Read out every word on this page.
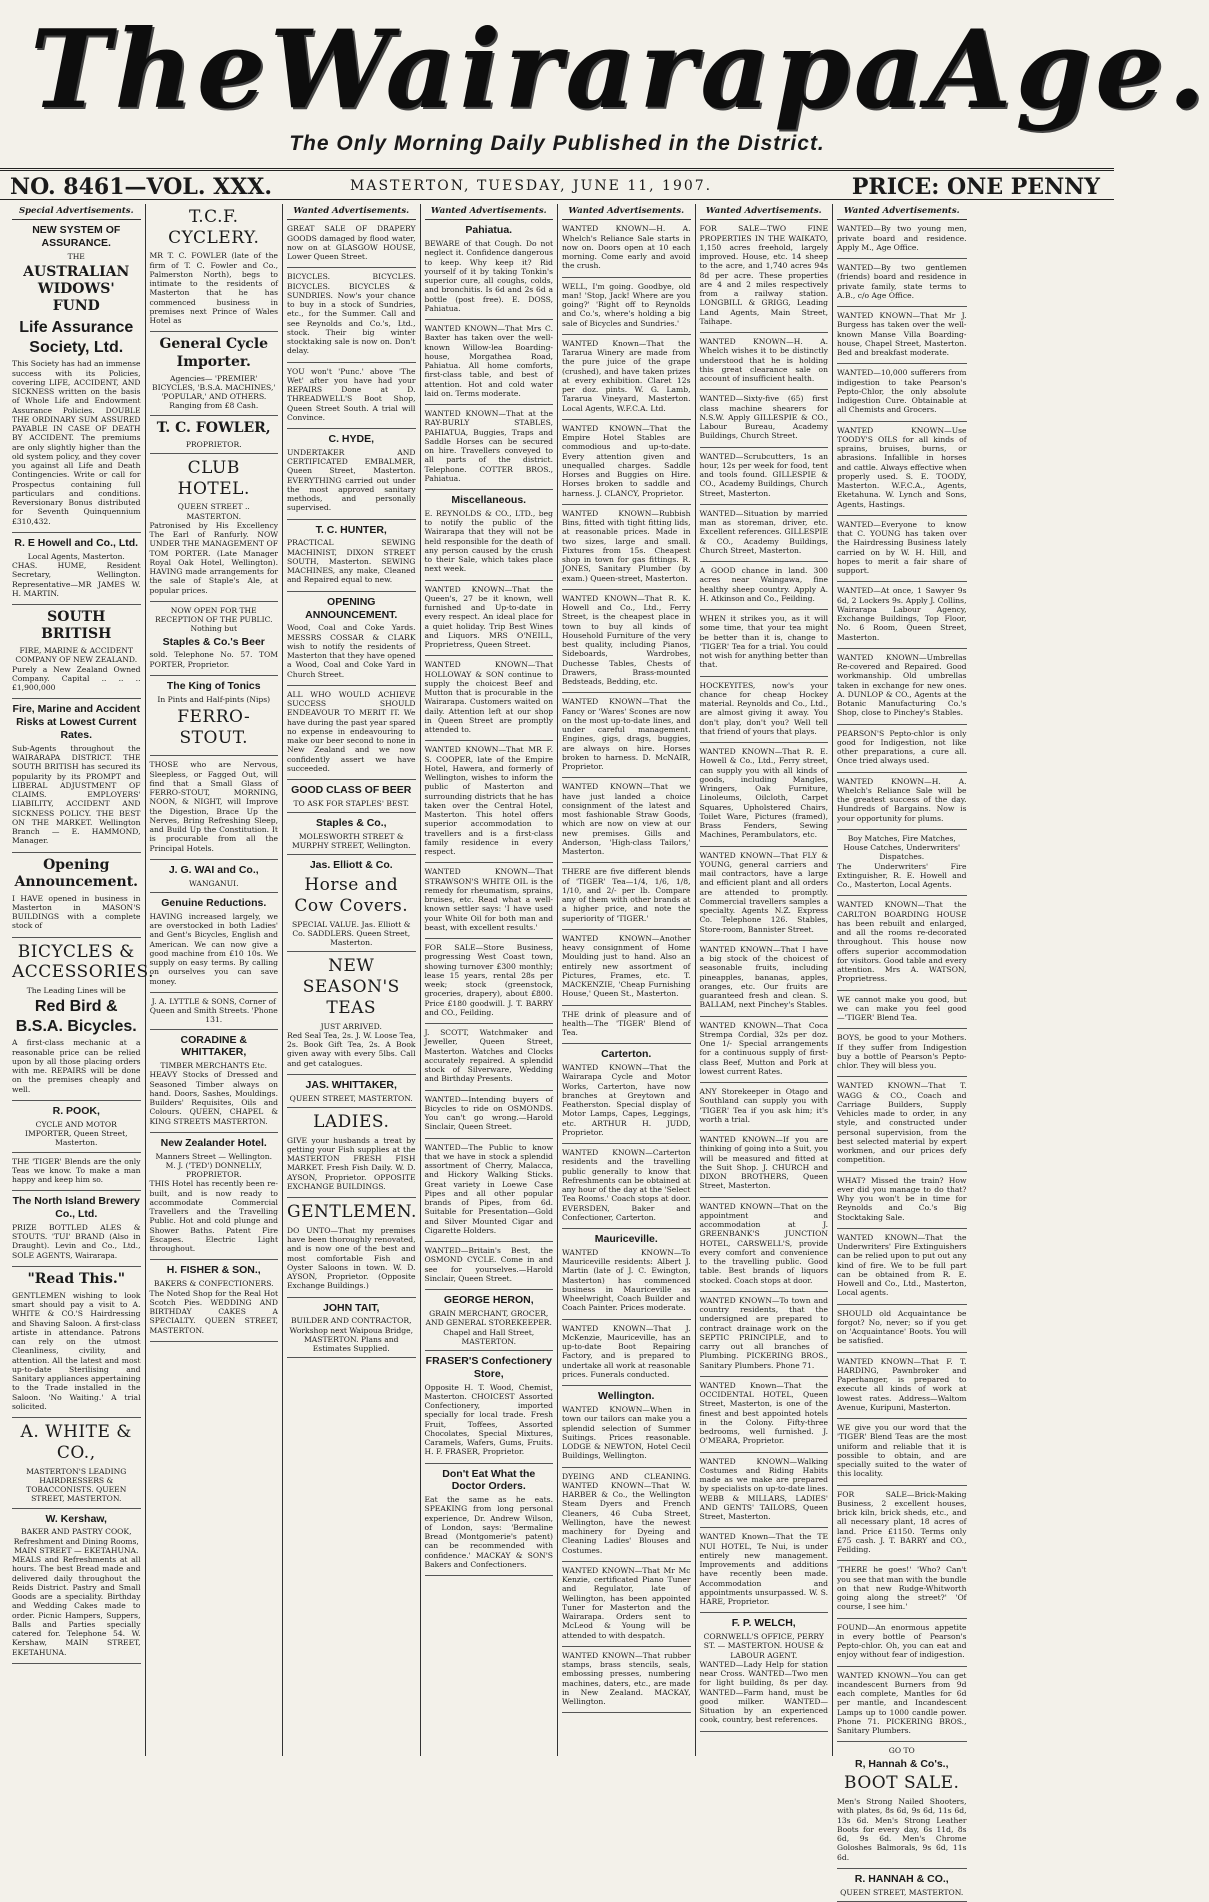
The Wairarapa Age.
The Only Morning Daily Published in the District.
NO. 8461—VOL. XXX.	MASTERTON, TUESDAY, JUNE 11, 1907.	PRICE: ONE PENNY
Special Advertisements.
NEW SYSTEM OF ASSURANCE.
THE
AUSTRALIAN WIDOWS' FUND
Life Assurance Society, Ltd.

This Society has had an immense success with its Policies, covering LIFE, ACCIDENT, AND SICKNESS written on the basis of Whole Life and Endowment Assurance Policies. DOUBLE THE ORDINARY SUM ASSURED PAYABLE IN CASE OF DEATH BY ACCIDENT. The premiums are only slightly higher than the old system policy, and they cover you against all Life and Death Contingencies. Write or call for Prospectus containing full particulars and conditions. Reversionary Bonus distributed for Seventh Quinquennium £310,432.

R. E Howell and Co., Ltd.
Local Agents, Masterton.

CHAS. HUME, Resident Secretary, Wellington. Representative—MR JAMES W. H. MARTIN.

SOUTH BRITISH
FIRE, MARINE & ACCIDENT COMPANY OF NEW ZEALAND.

Purely a New Zealand Owned Company. Capital .. .. .. £1,900,000

Fire, Marine and Accident Risks at Lowest Current Rates.

Sub-Agents throughout the WAIRARAPA DISTRICT. THE SOUTH BRITISH has secured its popularity by its PROMPT and LIBERAL ADJUSTMENT OF CLAIMS. EMPLOYERS' LIABILITY, ACCIDENT AND SICKNESS POLICY. THE BEST ON THE MARKET. Wellington Branch — E. HAMMOND, Manager.

Opening Announcement.

I HAVE opened in business in Masterton in MASON'S BUILDINGS with a complete stock of

BICYCLES & ACCESSORIES.
The Leading Lines will be
Red Bird & B.S.A. Bicycles.

A first-class mechanic at a reasonable price can be relied upon by all those placing orders with me. REPAIRS will be done on the premises cheaply and well.

R. POOK,
CYCLE AND MOTOR IMPORTER, Queen Street, Masterton.

THE 'TIGER' Blends are the only Teas we know. To make a man happy and keep him so.

The North Island Brewery Co., Ltd.

PRIZE BOTTLED ALES & STOUTS. 'TUI' BRAND (Also in Draught). Levin and Co., Ltd., SOLE AGENTS, Wairarapa.

"Read This."

GENTLEMEN wishing to look smart should pay a visit to A. WHITE & CO.'S Hairdressing and Shaving Saloon. A first-class artiste in attendance. Patrons can rely on the utmost Cleanliness, civility, and attention. All the latest and most up-to-date Sterilising and Sanitary appliances appertaining to the Trade installed in the Saloon. 'No Waiting.' A trial solicited.

A. WHITE & CO.,
MASTERTON'S LEADING HAIRDRESSERS & TOBACCONISTS. QUEEN STREET, MASTERTON.
W. Kershaw,
BAKER AND PASTRY COOK, Refreshment and Dining Rooms, MAIN STREET — EKETAHUNA.

MEALS and Refreshments at all hours. The best Bread made and delivered daily throughout the Reids District. Pastry and Small Goods are a speciality. Birthday and Wedding Cakes made to order. Picnic Hampers, Suppers, Balls and Parties specially catered for. Telephone 54. W. Kershaw, MAIN STREET, EKETAHUNA.

T.C.F. CYCLERY.

MR T. C. FOWLER (late of the firm of T. C. Fowler and Co., Palmerston North), begs to intimate to the residents of Masterton that he has commenced business in premises next Prince of Wales Hotel as

General Cycle Importer.
Agencies— 'PREMIER' BICYCLES, 'B.S.A. MACHINES,' 'POPULAR,' AND OTHERS. Ranging from £8 Cash.
T. C. FOWLER,
PROPRIETOR.
CLUB HOTEL.
QUEEN STREET .. MASTERTON.

Patronised by His Excellency The Earl of Ranfurly. NOW UNDER THE MANAGEMENT OF TOM PORTER. (Late Manager Royal Oak Hotel, Wellington). HAVING made arrangements for the sale of Staple's Ale, at popular prices.

NOW OPEN FOR THE RECEPTION OF THE PUBLIC. Nothing but
Staples & Co.'s Beer

sold. Telephone No. 57. TOM PORTER, Proprietor.

The King of Tonics
In Pints and Half-pints (Nips)
FERRO-STOUT.

THOSE who are Nervous, Sleepless, or Fagged Out, will find that a Small Glass of FERRO-STOUT, MORNING, NOON, & NIGHT, will Improve the Digestion, Brace Up the Nerves, Bring Refreshing Sleep, and Build Up the Constitution. It is procurable from all the Principal Hotels.

J. G. WAI and Co.,
WANGANUI.
Genuine Reductions.

HAVING increased largely, we are overstocked in both Ladies' and Gent's Bicycles, English and American. We can now give a good machine from £10 10s. We supply on easy terms. By calling on ourselves you can save money.

J. A. LYTTLE & SONS, Corner of Queen and Smith Streets. 'Phone 131.
CORADINE & WHITTAKER,
TIMBER MERCHANTS Etc.

HEAVY Stocks of Dressed and Seasoned Timber always on hand. Doors, Sashes, Mouldings. Builders' Requisites, Oils and Colours. QUEEN, CHAPEL & KING STREETS MASTERTON.

New Zealander Hotel.
Manners Street — Wellington. M. J. ('TED') DONNELLY, PROPRIETOR.

THIS Hotel has recently been re-built, and is now ready to accommodate Commercial Travellers and the Travelling Public. Hot and cold plunge and Shower Baths. Patent Fire Escapes. Electric Light throughout.

H. FISHER & SON.,
BAKERS & CONFECTIONERS.

The Noted Shop for the Real Hot Scotch Pies. WEDDING AND BIRTHDAY CAKES A SPECIALTY. QUEEN STREET, MASTERTON.

Wanted Advertisements.

GREAT SALE OF DRAPERY GOODS damaged by flood water, now on at GLASGOW HOUSE, Lower Queen Street.

BICYCLES. BICYCLES. BICYCLES. BICYCLES & SUNDRIES. Now's your chance to buy in a stock of Sundries, etc., for the Summer. Call and see Reynolds and Co.'s, Ltd., stock. Their big winter stocktaking sale is now on. Don't delay.

YOU won't 'Punc.' above 'The Wet' after you have had your REPAIRS Done at D. THREADWELL'S Boot Shop, Queen Street South. A trial will Convince.

C. HYDE,

UNDERTAKER AND CERTIFICATED EMBALMER, Queen Street, Masterton. EVERYTHING carried out under the most approved sanitary methods, and personally supervised.

T. C. HUNTER,

PRACTICAL SEWING MACHINIST, DIXON STREET SOUTH, Masterton. SEWING MACHINES, any make, Cleaned and Repaired equal to new.

OPENING ANNOUNCEMENT.

Wood, Coal and Coke Yards. MESSRS COSSAR & CLARK wish to notify the residents of Masterton that they have opened a Wood, Coal and Coke Yard in Church Street.

ALL WHO WOULD ACHIEVE SUCCESS SHOULD ENDEAVOUR TO MERIT IT. We have during the past year spared no expense in endeavouring to make our beer second to none in New Zealand and we now confidently assert we have succeeded.

GOOD CLASS OF BEER
TO ASK FOR STAPLES' BEST.
Staples & Co.,
MOLESWORTH STREET & MURPHY STREET, Wellington.
Jas. Elliott & Co.
Horse and Cow Covers.
SPECIAL VALUE. Jas. Elliott & Co. SADDLERS. Queen Street, Masterton.
NEW SEASON'S TEAS
JUST ARRIVED.

Red Seal Tea, 2s. J. W. Loose Tea, 2s. Book Gift Tea, 2s. A Book given away with every 5lbs. Call and get catalogues.

JAS. WHITTAKER,
QUEEN STREET, MASTERTON.
LADIES.

GIVE your husbands a treat by getting your Fish supplies at the MASTERTON FRESH FISH MARKET. Fresh Fish Daily. W. D. AYSON, Proprietor. OPPOSITE EXCHANGE BUILDINGS.

GENTLEMEN.

DO UNTO—That my premises have been thoroughly renovated, and is now one of the best and most comfortable Fish and Oyster Saloons in town. W. D. AYSON, Proprietor. (Opposite Exchange Buildings.)

JOHN TAIT,
BUILDER AND CONTRACTOR, Workshop next Waipoua Bridge, MASTERTON. Plans and Estimates Supplied.
Wanted Advertisements.
Pahiatua.

BEWARE of that Cough. Do not neglect it. Confidence dangerous to keep. Why keep it? Rid yourself of it by taking Tonkin's superior cure, all coughs, colds, and bronchitis. Is 6d and 2s 6d a bottle (post free). E. DOSS, Pahiatua.

WANTED KNOWN—That Mrs C. Baxter has taken over the well-known Willow-lea Boarding-house, Morgathea Road, Pahiatua. All home comforts, first-class table, and best of attention. Hot and cold water laid on. Terms moderate.

WANTED KNOWN—That at the RAY-BURLY STABLES, PAHIATUA, Buggies, Traps and Saddle Horses can be secured on hire. Travellers conveyed to all parts of the district. Telephone. COTTER BROS., Pahiatua.

Miscellaneous.

E. REYNOLDS & CO., LTD., beg to notify the public of the Wairarapa that they will not be held responsible for the death of any person caused by the crush to their Sale, which takes place next week.

WANTED KNOWN—That the Queen's, 27 be it known, well furnished and Up-to-date in every respect. An ideal place for a quiet holiday. Trip Best Wines and Liquors. MRS O'NEILL, Proprietress, Queen Street.

WANTED KNOWN—That HOLLOWAY & SON continue to supply the choicest Beef and Mutton that is procurable in the Wairarapa. Customers waited on daily. Attention left at our shop in Queen Street are promptly attended to.

WANTED KNOWN—That MR F. S. COOPER, late of the Empire Hotel, Hawera, and formerly of Wellington, wishes to inform the public of Masterton and surrounding districts that he has taken over the Central Hotel, Masterton. This hotel offers superior accommodation to travellers and is a first-class family residence in every respect.

WANTED KNOWN—That STRAWSON'S WHITE OIL is the remedy for rheumatism, sprains, bruises, etc. Read what a well-known settler says: 'I have used your White Oil for both man and beast, with excellent results.'

FOR SALE—Store Business, progressing West Coast town, showing turnover £300 monthly; lease 15 years, rental 28s per week; stock (greenstock, groceries, drapery), about £800. Price £180 goodwill. J. T. BARRY and CO., Feilding.

J. SCOTT, Watchmaker and Jeweller, Queen Street, Masterton. Watches and Clocks accurately repaired. A splendid stock of Silverware, Wedding and Birthday Presents.

WANTED—Intending buyers of Bicycles to ride on OSMONDS. You can't go wrong.—Harold Sinclair, Queen Street.

WANTED—The Public to know that we have in stock a splendid assortment of Cherry, Malacca, and Hickory Walking Sticks. Great variety in Loewe Case Pipes and all other popular brands of Pipes, from 6d. Suitable for Presentation—Gold and Silver Mounted Cigar and Cigarette Holders.

WANTED—Britain's Best, the OSMOND CYCLE. Come in and see for yourselves.—Harold Sinclair, Queen Street.

GEORGE HERON,
GRAIN MERCHANT, GROCER, AND GENERAL STOREKEEPER. Chapel and Hall Street, MASTERTON.
FRASER'S Confectionery Store,

Opposite H. T. Wood, Chemist, Masterton. CHOICEST Assorted Confectionery, imported specially for local trade. Fresh Fruit, Toffees, Assorted Chocolates, Special Mixtures, Caramels, Wafers, Gums, Fruits. H. F. FRASER, Proprietor.

Don't Eat What the Doctor Orders.

Eat the same as he eats. SPEAKING from long personal experience, Dr. Andrew Wilson, of London, says: 'Bermaline Bread (Montgomerie's patent) can be recommended with confidence.' MACKAY & SON'S Bakers and Confectioners.

Wanted Advertisements.

WANTED KNOWN—H. A. Whelch's Reliance Sale starts in now on. Doors open at 10 each morning. Come early and avoid the crush.

WELL, I'm going. Goodbye, old man! 'Stop, Jack! Where are you going?' 'Right off to Reynolds and Co.'s, where's holding a big sale of Bicycles and Sundries.'

WANTED Known—That the Tararua Winery are made from the pure juice of the grape (crushed), and have taken prizes at every exhibition. Claret 12s per doz. pints. W. G. Lamb, Tararua Vineyard, Masterton. Local Agents, W.F.C.A. Ltd.

WANTED KNOWN—That the Empire Hotel Stables are commodious and up-to-date. Every attention given and unequalled charges. Saddle Horses and Buggies on Hire. Horses broken to saddle and harness. J. CLANCY, Proprietor.

WANTED KNOWN—Rubbish Bins, fitted with tight fitting lids, at reasonable prices. Made in two sizes, large and small. Fixtures from 15s. Cheapest shop in town for gas fittings. R. JONES, Sanitary Plumber (by exam.) Queen-street, Masterton.

WANTED KNOWN—That R. K. Howell and Co., Ltd., Ferry Street, is the cheapest place in town to buy all kinds of Household Furniture of the very best quality, including Pianos, Sideboards, Wardrobes, Duchesse Tables, Chests of Drawers, Brass-mounted Bedsteads, Bedding, etc.

WANTED KNOWN—That the Fancy or 'Wares' Scones are now on the most up-to-date lines, and under careful management. Engines, gigs, drags, buggies, are always on hire. Horses broken to harness. D. McNAIR, Proprietor.

WANTED KNOWN—That we have just landed a choice consignment of the latest and most fashionable Straw Goods, which are now on view at our new premises. Gills and Anderson, 'High-class Tailors,' Masterton.

THERE are five different blends of 'TIGER' Tea—1/4, 1/6, 1/8, 1/10, and 2/- per lb. Compare any of them with other brands at a higher price, and note the superiority of 'TIGER.'

WANTED KNOWN—Another heavy consignment of Home Moulding just to hand. Also an entirely new assortment of Pictures, Frames, etc. T. MACKENZIE, 'Cheap Furnishing House,' Queen St., Masterton.

THE drink of pleasure and of health—The 'TIGER' Blend of Tea.

Carterton.

WANTED KNOWN—That the Wairarapa Cycle and Motor Works, Carterton, have now branches at Greytown and Featherston. Special display of Motor Lamps, Capes, Leggings, etc. ARTHUR H. JUDD, Proprietor.

WANTED KNOWN—Carterton residents and the travelling public generally to know that Refreshments can be obtained at any hour of the day at the 'Select Tea Rooms.' Coach stops at door. EVERSDEN, Baker and Confectioner, Carterton.

Mauriceville.

WANTED KNOWN—To Mauriceville residents: Albert J. Martin (late of J. C. Ewington, Masterton) has commenced business in Mauriceville as Wheelwright, Coach Builder and Coach Painter. Prices moderate.

WANTED KNOWN—That J. McKenzie, Mauriceville, has an up-to-date Boot Repairing Factory, and is prepared to undertake all work at reasonable prices. Funerals conducted.

Wellington.

WANTED KNOWN—When in town our tailors can make you a splendid selection of Summer Suitings. Prices reasonable. LODGE & NEWTON, Hotel Cecil Buildings, Wellington.

DYEING AND CLEANING. WANTED KNOWN—That W. HARBER & Co., the Wellington Steam Dyers and French Cleaners, 46 Cuba Street, Wellington, have the newest machinery for Dyeing and Cleaning Ladies' Blouses and Costumes.

WANTED KNOWN—That Mr Mc Kenzie, certificated Piano Tuner and Regulator, late of Wellington, has been appointed Tuner for Masterton and the Wairarapa. Orders sent to McLeod & Young will be attended to with despatch.

WANTED KNOWN—That rubber stamps, brass stencils, seals, embossing presses, numbering machines, daters, etc., are made in New Zealand. MACKAY, Wellington.

Wanted Advertisements.

FOR SALE—TWO FINE PROPERTIES IN THE WAIKATO, 1,150 acres freehold, largely improved. House, etc. 14 sheep to the acre, and 1,740 acres 94s 8d per acre. These properties are 4 and 2 miles respectively from a railway station. LONGBILL & GRIGG, Leading Land Agents, Main Street, Taihape.

WANTED KNOWN—H. A. Whelch wishes it to be distinctly understood that he is holding this great clearance sale on account of insufficient health.

WANTED—Sixty-five (65) first class machine shearers for N.S.W. Apply GILLESPIE & CO., Labour Bureau, Academy Buildings, Church Street.

WANTED—Scrubcutters, 1s an hour, 12s per week for food, tent and tools found. GILLESPIE & CO., Academy Buildings, Church Street, Masterton.

WANTED—Situation by married man as storeman, driver, etc. Excellent references. GILLESPIE & CO., Academy Buildings, Church Street, Masterton.

A GOOD chance in land. 300 acres near Waingawa, fine healthy sheep country. Apply A. H. Atkinson and Co., Feilding.

WHEN it strikes you, as it will some time, that your tea might be better than it is, change to 'TIGER' Tea for a trial. You could not wish for anything better than that.

HOCKEYITES, now's your chance for cheap Hockey material. Reynolds and Co., Ltd., are almost giving it away. You don't play, don't you? Well tell that friend of yours that plays.

WANTED KNOWN—That R. E. Howell & Co., Ltd., Ferry street, can supply you with all kinds of goods, including Mangles, Wringers, Oak Furniture, Linoleums, Oilcloth, Carpet Squares, Upholstered Chairs, Toilet Ware, Pictures (framed), Brass Fenders, Sewing Machines, Perambulators, etc.

WANTED KNOWN—That FLY & YOUNG, general carriers and mail contractors, have a large and efficient plant and all orders are attended to promptly. Commercial travellers samples a specialty. Agents N.Z. Express Co. Telephone 126. Stables, Store-room, Bannister Street.

WANTED KNOWN—That I have a big stock of the choicest of seasonable fruits, including pineapples, bananas, apples, oranges, etc. Our fruits are guaranteed fresh and clean. S. BALLAM, next Pinchey's Stables.

WANTED KNOWN—That Coca Strempa Cordial, 32s per doz. One 1/- Special arrangements for a continuous supply of first-class Beef, Mutton and Pork at lowest current Rates.

ANY Storekeeper in Otago and Southland can supply you with 'TIGER' Tea if you ask him; it's worth a trial.

WANTED KNOWN—If you are thinking of going into a Suit, you will be measured and fitted at the Suit Shop. J. CHURCH and DIXON BROTHERS, Queen Street, Masterton.

WANTED KNOWN—That on the appointment and accommodation at J. GREENBANK'S JUNCTION HOTEL, CARSWELL'S, provide every comfort and convenience to the travelling public. Good table. Best brands of liquors stocked. Coach stops at door.

WANTED KNOWN—To town and country residents, that the undersigned are prepared to contract drainage work on the SEPTIC PRINCIPLE, and to carry out all branches of Plumbing. PICKERING BROS., Sanitary Plumbers. Phone 71.

WANTED Known—That the OCCIDENTAL HOTEL, Queen Street, Masterton, is one of the finest and best appointed hotels in the Colony. Fifty-three bedrooms, well furnished. J. O'MEARA, Proprietor.

WANTED KNOWN—Walking Costumes and Riding Habits made as we make are prepared by specialists on up-to-date lines. WEBB & MILLARS, LADIES' AND GENTS' TAILORS, Queen Street, Masterton.

WANTED Known—That the TE NUI HOTEL, Te Nui, is under entirely new management. Improvements and additions have recently been made. Accommodation and appointments unsurpassed. W. S. HARE, Proprietor.

F. P. WELCH,
CORNWELL'S OFFICE, PERRY ST. — MASTERTON. HOUSE & LABOUR AGENT.

WANTED—Lady Help for station near Cross. WANTED—Two men for light building, 8s per day. WANTED—Farm hand, must be good milker. WANTED—Situation by an experienced cook, country, best references.

Wanted Advertisements.

WANTED—By two young men, private board and residence. Apply M., Age Office.

WANTED—By two gentlemen (friends) board and residence in private family, state terms to A.B., c/o Age Office.

WANTED KNOWN—That Mr J. Burgess has taken over the well-known Manse Villa Boarding-house, Chapel Street, Masterton. Bed and breakfast moderate.

WANTED—10,000 sufferers from indigestion to take Pearson's Pepto-Chlor, the only absolute Indigestion Cure. Obtainable at all Chemists and Grocers.

WANTED KNOWN—Use TOODY'S OILS for all kinds of sprains, bruises, burns, or abrasions. Infallible in horses and cattle. Always effective when properly used. S. E. TOODY, Masterton. W.F.C.A., Agents, Eketahuna. W. Lynch and Sons, Agents, Hastings.

WANTED—Everyone to know that C. YOUNG has taken over the Hairdressing Business lately carried on by W. H. Hill, and hopes to merit a fair share of support.

WANTED—At once, 1 Sawyer 9s 6d, 2 Lockers 9s. Apply J. Collins, Wairarapa Labour Agency, Exchange Buildings, Top Floor, No. 6 Room, Queen Street, Masterton.

WANTED KNOWN—Umbrellas Re-covered and Repaired. Good workmanship. Old umbrellas taken in exchange for new ones. A. DUNLOP & CO., Agents at the Botanic Manufacturing Co.'s Shop, close to Pinchey's Stables.

PEARSON'S Pepto-chlor is only good for Indigestion, not like other preparations, a cure all. Once tried always used.

WANTED KNOWN—H. A. Whelch's Reliance Sale will be the greatest success of the day. Hundreds of Bargains. Now is your opportunity for plums.

Boy Matches, Fire Matches, House Catches, Underwriters' Dispatches.

The Underwriters' Fire Extinguisher, R. E. Howell and Co., Masterton, Local Agents.

WANTED KNOWN—That the CARLTON BOARDING HOUSE has been rebuilt and enlarged, and all the rooms re-decorated throughout. This house now offers superior accommodation for visitors. Good table and every attention. Mrs A. WATSON, Proprietress.

WE cannot make you good, but we can make you feel good—'TIGER' Blend Tea.

BOYS, be good to your Mothers. If they suffer from Indigestion buy a bottle of Pearson's Pepto-chlor. They will bless you.

WANTED KNOWN—That T. WAGG & CO., Coach and Carriage Builders, Supply Vehicles made to order, in any style, and constructed under personal supervision, from the best selected material by expert workmen, and our prices defy competition.

WHAT? Missed the train? How ever did you manage to do that? Why you won't be in time for Reynolds and Co.'s Big Stocktaking Sale.

WANTED KNOWN—That the Underwriters' Fire Extinguishers can be relied upon to put out any kind of fire. We to be full part can be obtained from R. E. Howell and Co., Ltd., Masterton, Local agents.

SHOULD old Acquaintance be forgot? No, never; so if you get on 'Acquaintance' Boots. You will be satisfied.

WANTED KNOWN—That F. T. HARDING, Pawnbroker and Paperhanger, is prepared to execute all kinds of work at lowest rates. Address—Waltom Avenue, Kuripuni, Masterton.

WE give you our word that the 'TIGER' Blend Teas are the most uniform and reliable that it is possible to obtain, and are specially suited to the water of this locality.

FOR SALE—Brick-Making Business, 2 excellent houses, brick kiln, brick sheds, etc., and all necessary plant, 18 acres of land. Price £1150. Terms only £75 cash. J. T. BARRY and CO., Feilding.

'THERE he goes!' 'Who? Can't you see that man with the bundle on that new Rudge-Whitworth going along the street?' 'Of course, I see him.'

FOUND—An enormous appetite in every bottle of Pearson's Pepto-chlor. Oh, you can eat and enjoy without fear of indigestion.

WANTED KNOWN—You can get incandescent Burners from 9d each complete, Mantles for 6d per mantle, and Incandescent Lamps up to 1000 candle power. Phone 71. PICKERING BROS., Sanitary Plumbers.

GO TO
R, Hannah & Co's.,
BOOT SALE.

Men's Strong Nailed Shooters, with plates, 8s 6d, 9s 6d, 11s 6d, 13s 6d. Men's Strong Leather Boots for every day, 6s 11d, 8s 6d, 9s 6d. Men's Chrome Goloshes Balmorals, 9s 6d, 11s 6d.

R. HANNAH & CO.,
QUEEN STREET, MASTERTON.
